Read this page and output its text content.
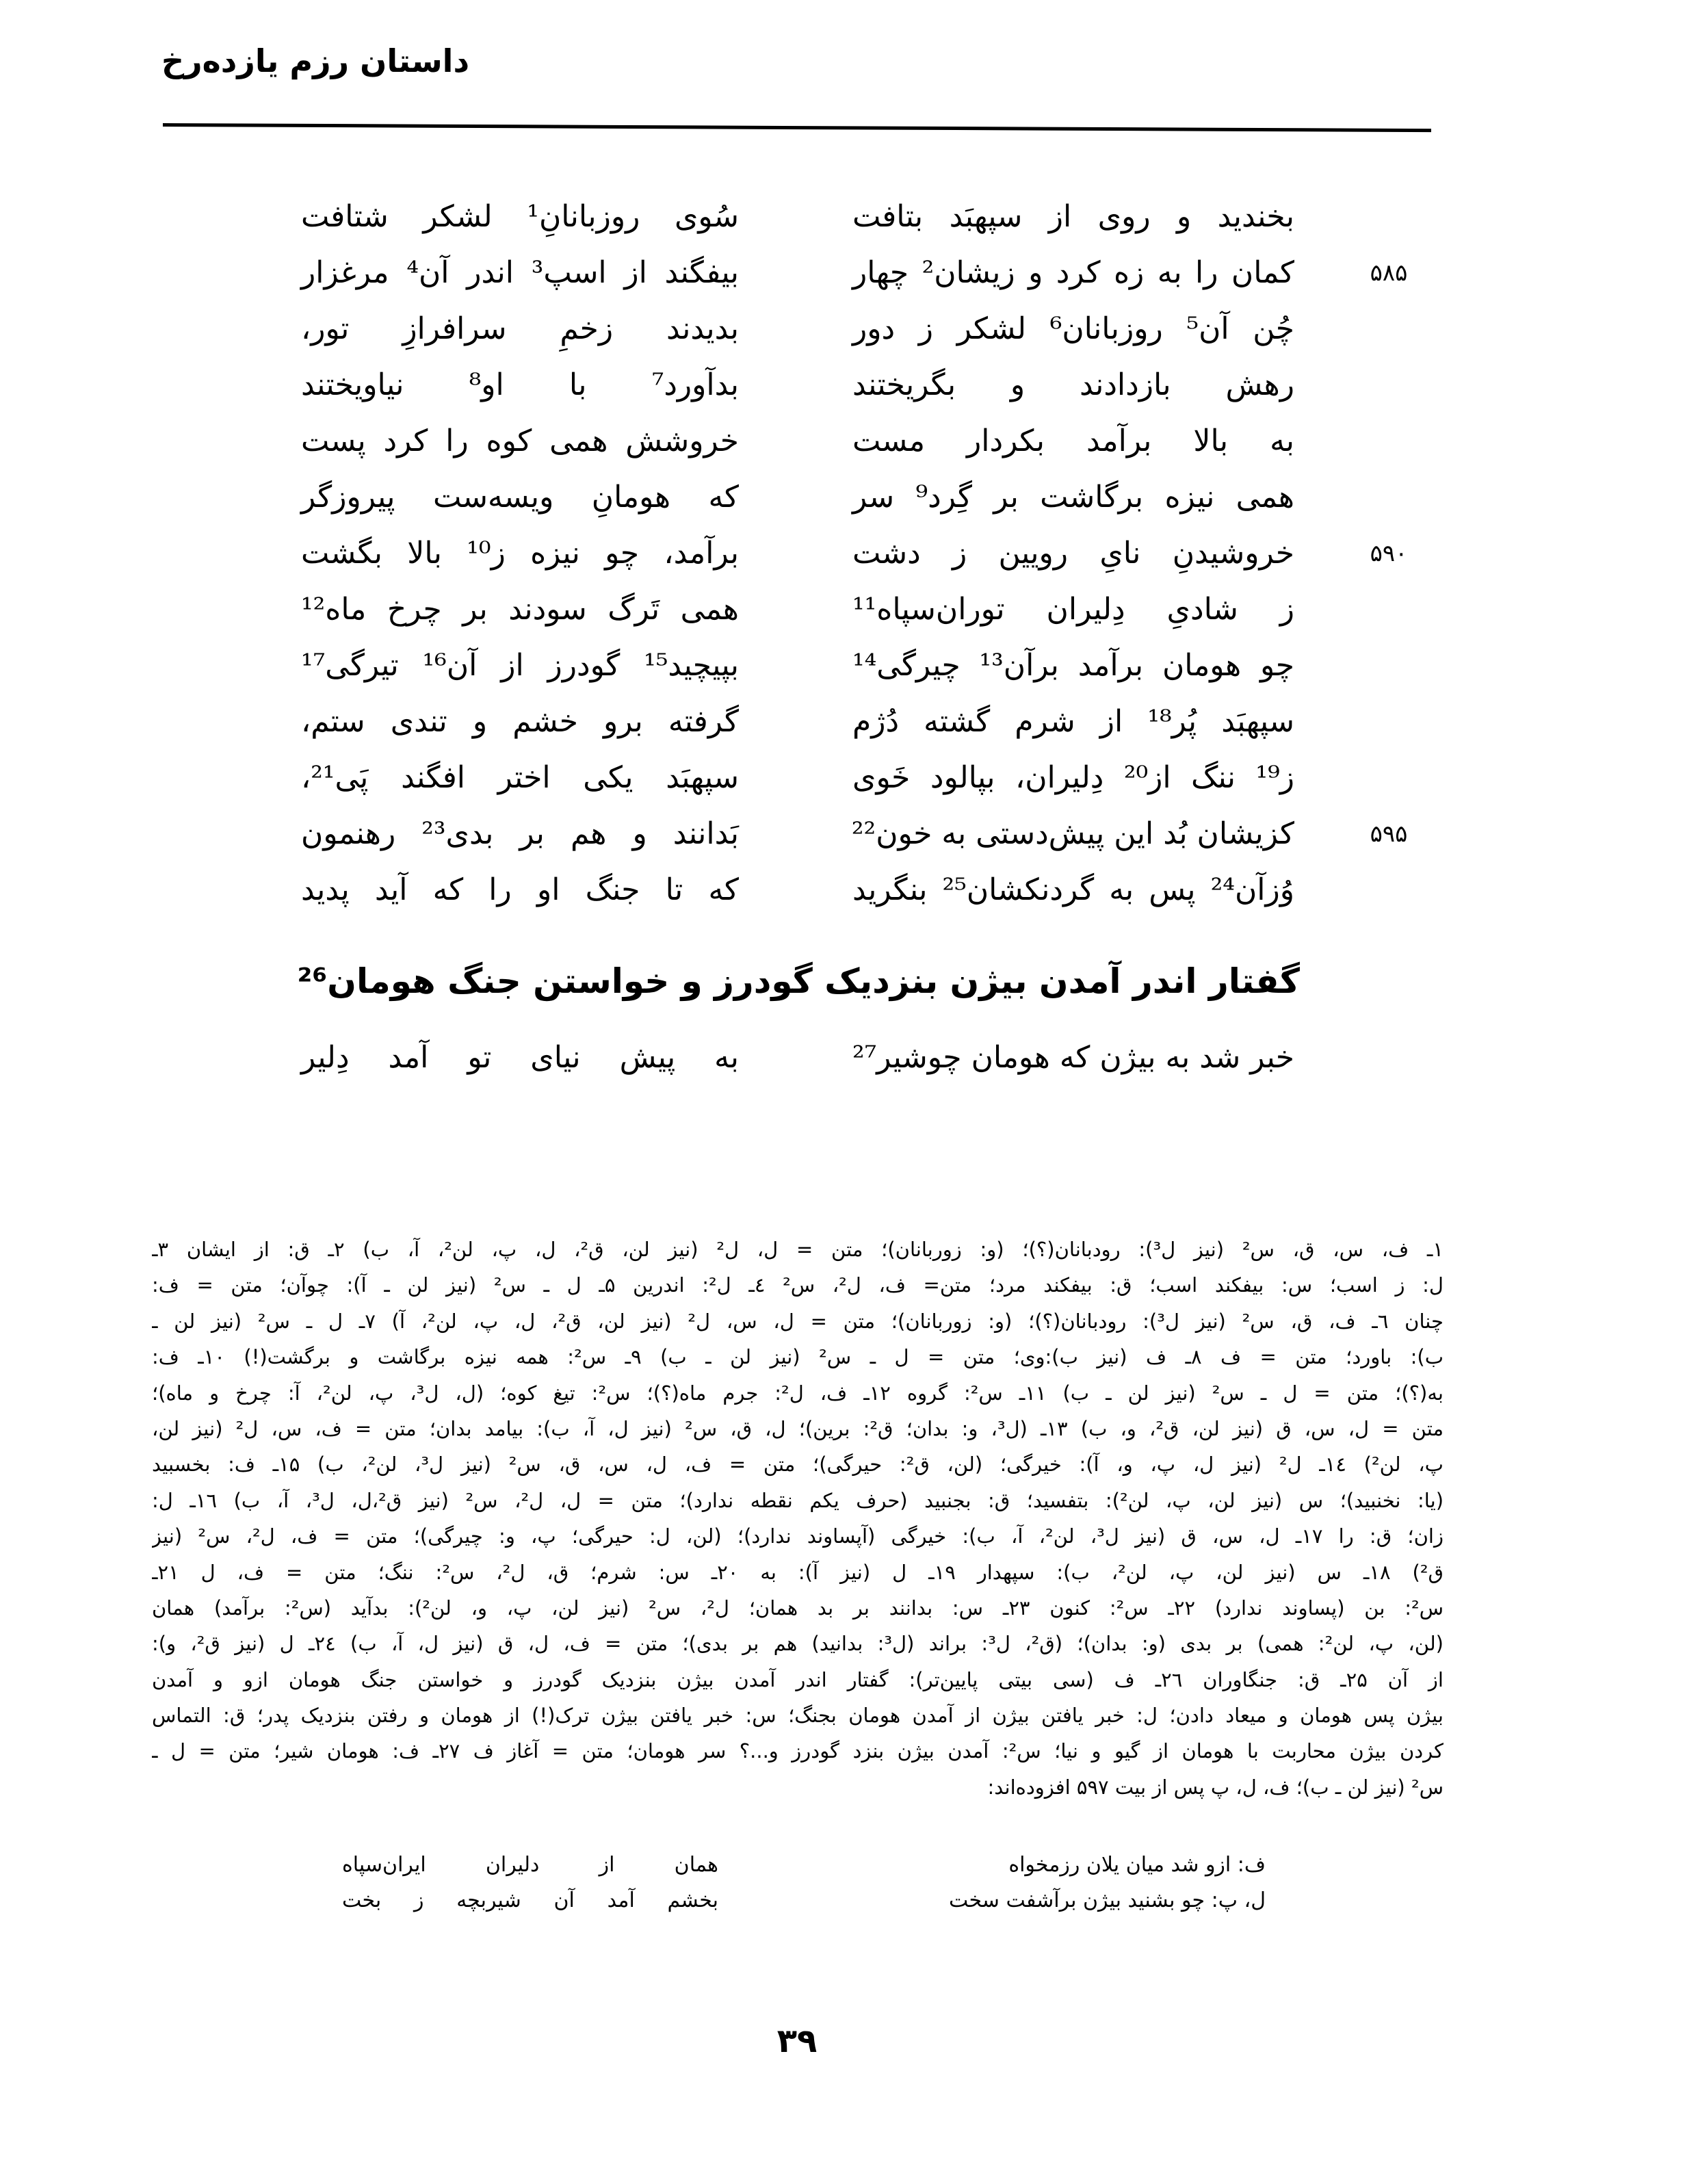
داستان رزم یازده‌رخ
بخندید و روی از سپهبَد بتافت
سُوی روزبانانِ¹ لشکر شتافت
۵۸۵
کمان را به زه کرد و زیشان² چهار
بیفگند از اسپ³ اندر آن⁴ مرغزار
چُن آن⁵ روزبانان⁶ لشکر ز دور
بدیدند زخمِ سرافرازِ تور،
رهش بازدادند و بگریختند
بدآورد⁷ با او⁸ نیاویختند
به بالا برآمد بکردار مست
خروشش همی کوه را کرد پست
همی نیزه برگاشت بر گِرد⁹ سر
که هومانِ ویسه‌ست پیروزگر
۵۹۰
خروشیدنِ نایِ رویین ز دشت
برآمد، چو نیزه ز¹⁰ بالا بگشت
ز شادیِ دِلیران توران‌سپاه¹¹
همی تَرگ سودند بر چرخ ماه¹²
چو هومان برآمد برآن¹³ چیرگی¹⁴
بپیچید¹⁵ گودرز از آن¹⁶ تیرگی¹⁷
سپهبَد پُر¹⁸ از شرم گشته دُژم
گرفته برو خشم و تندی ستم،
ز¹⁹ ننگ از²⁰ دِلیران، بپالود خَوی
سپهبَد یکی اختر افگند پَی²¹،
۵۹۵
کزیشان بُد این پیش‌دستی به خون²²
بَدانند و هم بر بدی²³ رهنمون
وُزآن²⁴ پس به گردنکشان²⁵ بنگرید
که تا جنگ او را که آید پدید
گفتار اندر آمدن بیژن بنزدیک گودرز و خواستن جنگ هومان²⁶
خبر شد به بیژن که هومان چوشیر²⁷
به پیش نیای تو آمد دِلیر
۱ـ ف، س، ق، س² (نیز ل³): رودبانان(؟)؛ (و: زوربانان)؛ متن = ل، ل² (نیز لن، ق²، ل، پ، لن²، آ، ب) ۲ـ ق: از ایشان ۳ـ
ل: ز اسب؛ س: بیفکند اسب؛ ق: بیفکند مرد؛ متن= ف، ل²، س² ٤ـ ل²: اندرین ۵ـ ل ـ س² (نیز لن ـ آ): چوآن؛ متن = ف:
چنان ٦ـ ف، ق، س² (نیز ل³): رودبانان(؟)؛ (و: زوربانان)؛ متن = ل، س، ل² (نیز لن، ق²، ل، پ، لن²، آ) ۷ـ ل ـ س² (نیز لن ـ
ب): باورد؛ متن = ف ۸ـ ف (نیز ب):وی؛ متن = ل ـ س² (نیز لن ـ ب) ۹ـ س²: همه نیزه برگاشت و برگشت(!) ۱۰ـ ف:
به(؟)؛ متن = ل ـ س² (نیز لن ـ ب) ۱۱ـ س²: گروه ۱۲ـ ف، ل²: جرم ماه(؟)؛ س²: تیغ کوه؛ (ل، ل³، پ، لن²، آ: چرخ و ماه)؛
متن = ل، س، ق (نیز لن، ق²، و، ب) ۱۳ـ (ل³، و: بدان؛ ق²: برین)؛ ل، ق، س² (نیز ل، آ، ب): بیامد بدان؛ متن = ف، س، ل² (نیز لن،
پ، لن²) ۱٤ـ ل² (نیز ل، پ، و، آ): خیرگی؛ (لن، ق²: حیرگی)؛ متن = ف، ل، س، ق، س² (نیز ل³، لن²، ب) ۱۵ـ ف: بخسبید
(یا: نخنبید)؛ س (نیز لن، پ، لن²): بتفسید؛ ق: بجنبید (حرف یکم نقطه ندارد)؛ متن = ل، ل²، س² (نیز ق²،ل، ل³، آ، ب) ۱٦ـ ل:
زان؛ ق: را ۱۷ـ ل، س، ق (نیز ل³، لن²، آ، ب): خیرگی (آپساوند ندارد)؛ (لن، ل: حیرگی؛ پ، و: چیرگی)؛ متن = ف، ل²، س² (نیز
ق²) ۱۸ـ س (نیز لن، پ، لن²، ب): سپهدار ۱۹ـ ل (نیز آ): به ۲۰ـ س: شرم؛ ق، ل²، س²: ننگ؛ متن = ف، ل ۲۱ـ
س²: بن (پساوند ندارد) ۲۲ـ س²: کنون ۲۳ـ س: بدانند بر بد همان؛ ل²، س² (نیز لن، پ، و، لن²): بدآید (س²: برآمد) همان
(لن، پ، لن²: همی) بر بدی (و: بدان)؛ (ق²، ل³: براند (ل³: بدانید) هم بر بدی)؛ متن = ف، ل، ق (نیز ل، آ، ب) ۲٤ـ ل (نیز ق²، و):
از آن ۲۵ـ ق: جنگاوران ۲٦ـ ف (سی بیتی پایین‌تر): گفتار اندر آمدن بیژن بنزدیک گودرز و خواستن جنگ هومان ازو و آمدن
بیژن پس هومان و میعاد دادن؛ ل: خبر یافتن بیژن از آمدن هومان بجنگ؛ س: خبر یافتن بیژن ترک(!) از هومان و رفتن بنزدیک پدر؛ ق: التماس
کردن بیژن محاربت با هومان از گیو و نیا؛ س²: آمدن بیژن بنزد گودرز و...؟ سر هومان؛ متن = آغاز ف ۲۷ـ ف: هومان شیر؛ متن = ل ـ
س² (نیز لن ـ ب)؛ ف، ل، پ پس از بیت ۵۹۷ افزوده‌اند:
ف: ازو شد میان یلان رزمخواه
همان از دلیران ایران‌سپاه
ل، پ: چو بشنید بیژن برآشفت سخت
بخشم آمد آن شیربچه ز بخت
۳۹
